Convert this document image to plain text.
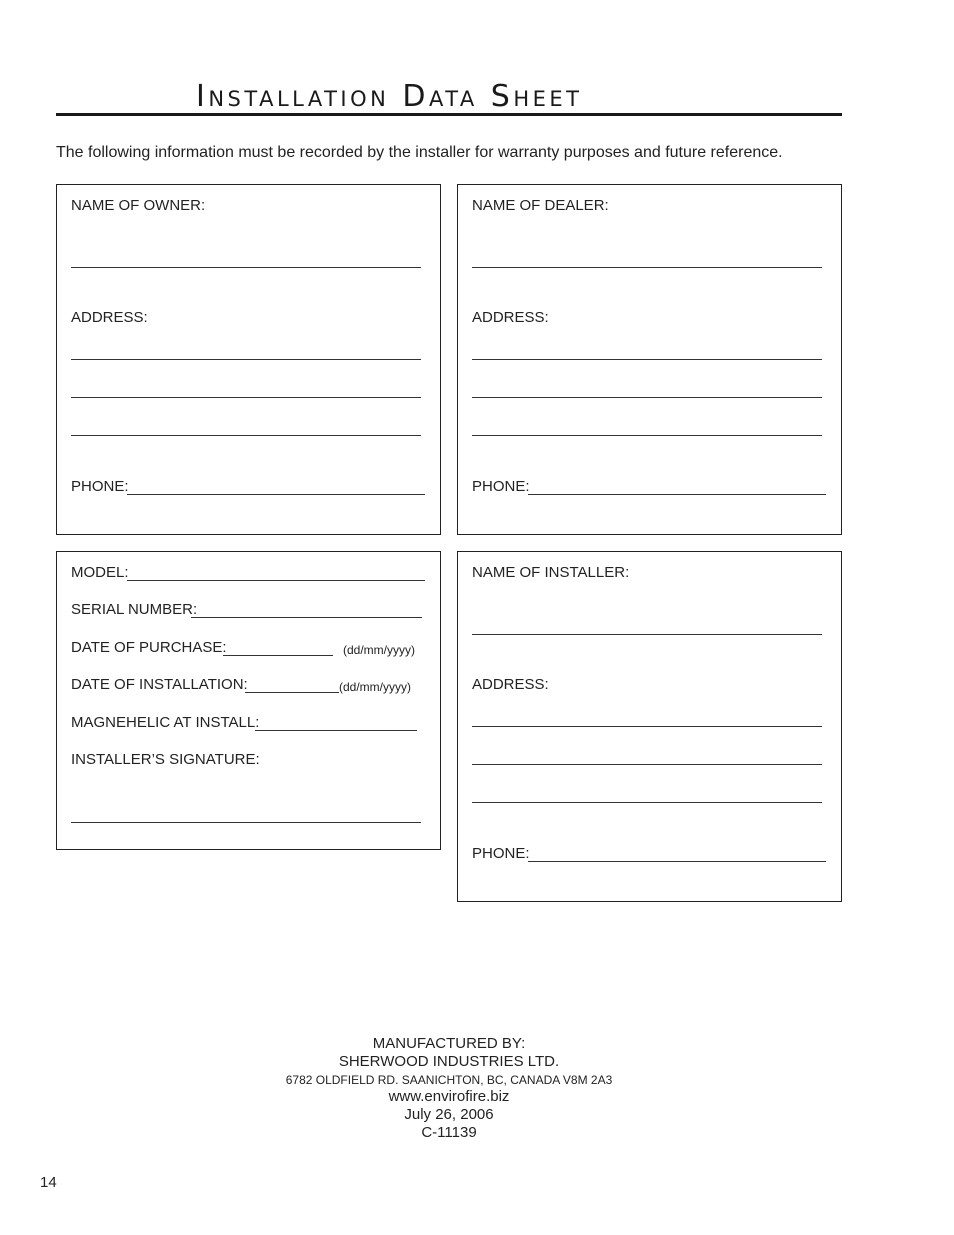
Installation Data Sheet
The following information must be recorded by the installer for warranty purposes and future reference.
NAME OF OWNER:
ADDRESS:
PHONE:
NAME OF DEALER:
ADDRESS:
PHONE:
MODEL:
SERIAL NUMBER:
DATE OF PURCHASE:	(dd/mm/yyyy)
DATE OF INSTALLATION:	(dd/mm/yyyy)
MAGNEHELIC AT INSTALL:
INSTALLER’S SIGNATURE:
NAME OF INSTALLER:
ADDRESS:
PHONE:
MANUFACTURED BY:
SHERWOOD INDUSTRIES LTD.
6782 OLDFIELD RD. SAANICHTON, BC, CANADA V8M 2A3
www.envirofire.biz
July 26, 2006
C-11139
14
